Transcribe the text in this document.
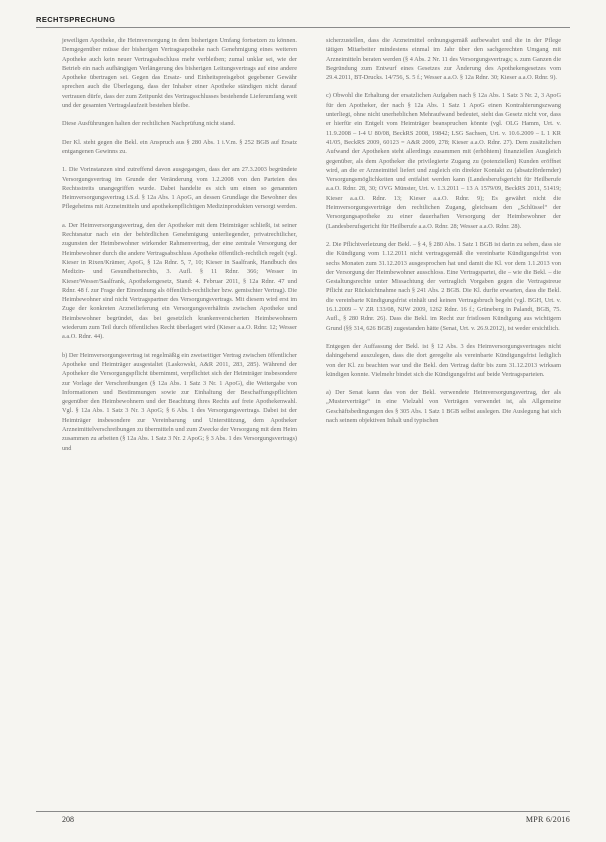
RECHTSPRECHUNG

jeweiligen Apotheke, die Heimversorgung in dem bisherigen Umfang fortsetzen zu können. Demgegenüber müsse der bisherigen Vertragsapotheke nach Genehmigung eines weiteren Apotheke auch kein neuer Vertragsabschluss mehr verbleiben; zumal unklar sei, wie der Betrieb ein nach aufhängigen Verlängerung des bisherigen Leitungsvertrags auf eine andere Apotheke übertragen sei. Gegen das Ersatz- und Einheitspreisgebot gegebener Gewähr sprechen auch die Überlegung, dass der Inhaber einer Apotheke ständigen nicht darauf vertrauen dürfe, dass der zum Zeitpunkt des Vertragsschlusses bestehende Lieferumfang weit und der gesamten Vertragslaufzeit bestehen bleibe.

Diese Ausführungen halten der rechtlichen Nachprüfung nicht stand.

Der Kl. steht gegen die Bekl. ein Anspruch aus § 280 Abs. 1 i.V.m. § 252 BGB auf Ersatz entgangenen Gewinns zu.

1. Die Vorinstanzen sind zutreffend davon ausgegangen, dass der am 27.3.2003 begründete Versorgungsvertrag im Grunde der Veränderung vom 1.2.2008 von den Parteien des Rechtsstreits unangegriffen wurde. Dabei handelte es sich um einen so genannten Heimversorgungsvertrag i.S.d. § 12a Abs. 1 ApoG, an dessen Grundlage die Bewohner des Pflegeheims mit Arzneimitteln und apothekenpflichtigen Medizinprodukten versorgt werden.

a. Der Heimversorgungsvertrag, den der Apotheker mit dem Heimträger schließt, ist seiner Rechtsnatur nach ein der behördlichen Genehmigung unterliegender, privatrechtlicher, zugunsten der Heimbewohner wirkender Rahmenvertrag, der eine zentrale Versorgung der Heimbewohner durch die andere Vertragsabschluss Apotheke öffentlich-rechtlich regelt (vgl. Kieser in Rixen/Krämer, ApoG, § 12a Rdnr. 5, 7, 10; Kieser in Saalfrank, Handbuch des Medizin- und Gesundheitsrechts, 3. Aufl. § 11 Rdnr. 366; Wesser in Kieser/Wesser/Saalfrank, Apothekengesetz, Stand: 4. Februar 2011, § 12a Rdnr. 47 und Rdnr. 48 f. zur Frage der Einordnung als öffentlich-rechtlicher bzw. gemischter Vertrag). Die Heimbewohner sind nicht Vertragspartner des Versorgungsvertrags. Mit diesem wird erst im Zuge der konkreten Arzneilieferung ein Versorgungsverhältnis zwischen Apotheke und Heimbewohner begründet, das bei gesetzlich krankenversicherten Heimbewohnern wiederum zum Teil durch öffentliches Recht überlagert wird (Kieser a.a.O. Rdnr. 12; Wesser a.a.O. Rdnr. 44).

b) Der Heimversorgungsvertrag ist regelmäßig ein zweiseitiger Vertrag zwischen öffentlicher Apotheke und Heimträger ausgestaltet (Laskowski, A&R 2011, 283, 285). Während der Apotheker die Versorgungspflicht übernimmt, verpflichtet sich der Heimträger insbesondere zur Vorlage der Verschreibungen (§ 12a Abs. 1 Satz 3 Nr. 1 ApoG), die Weitergabe von Informationen und Bestimmungen sowie zur Einhaltung der Beschaffungspflichten gegenüber den Heimbewohnern und der Beachtung ihres Rechts auf freie Apothekenwahl. Vgl. § 12a Abs. 1 Satz 3 Nr. 3 ApoG; § 6 Abs. 1 des Versorgungsvertrags. Dabei ist der Heimträger insbesondere zur Vereinbarung und Unterstützung, dem Apotheker Arzneimittelverschreibungen zu übermitteln und zum Zwecke der Versorgung mit dem Heim zusammen zu arbeiten (§ 12a Abs. 1 Satz 3 Nr. 2 ApoG; § 3 Abs. 1 des Versorgungsvertrags) und

sicherzustellen, dass die Arzneimittel ordnungsgemäß aufbewahrt und die in der Pflege tätigen Mitarbeiter mindestens einmal im Jahr über den sachgerechten Umgang mit Arzneimitteln beraten werden (§ 4 Abs. 2 Nr. 11 des Versorgungsvertrags; s. zum Ganzen die Begründung zum Entwurf eines Gesetzes zur Änderung des Apothekengesetzes vom 29.4.2011, BT-Drucks. 14/756, S. 5 f.; Wesser a.a.O. § 12a Rdnr. 30; Kieser a.a.O. Rdnr. 9).

c) Obwohl die Erhaltung der ersatzlichen Aufgaben nach § 12a Abs. 1 Satz 3 Nr. 2, 3 ApoG für den Apotheker, der nach § 12a Abs. 1 Satz 1 ApoG einen Kontrahierungszwang unterliegt, ohne nicht unerheblichen Mehraufwand bedeutet, sieht das Gesetz nicht vor, dass er hierfür ein Entgelt vom Heimträger beanspruchen könnte (vgl. OLG Hamm, Urt. v. 11.9.2008 – I-4 U 80/08, BeckRS 2008, 19842; LSG Sachsen, Urt. v. 10.6.2009 – L 1 KR 41/05, BeckRS 2009, 60123 = A&R 2009, 278; Kieser a.a.O. Rdnr. 27). Dem zusätzlichen Aufwand der Apotheken steht allerdings zusammen mit (erhöhtem) finanziellen Ausgleich gegenüber, als dem Apotheker die privilegierte Zugang zu (potenziellen) Kunden eröffnet wird, an die er Arzneimittel liefert und zugleich ein direkter Kontakt zu (absatzfördernder) Versorgungsmöglichkeiten und entfaltet werden kann (Landesberufsgericht für Heilberufe a.a.O. Rdnr. 28, 30; OVG Münster, Urt. v. 1.3.2011 – 13 A 1579/09, BeckRS 2011, 51419; Kieser a.a.O. Rdnr. 13; Kieser a.a.O. Rdnr. 9); Es gewährt nicht die Heimversorgungsverträge den rechtlichen Zugang, gleichsam den „Schlüssel“ der Versorgungsapotheke zu einer dauerhaften Versorgung der Heimbewohner der (Landesberufsgericht für Heilberufe a.a.O. Rdnr. 28; Wesser a.a.O. Rdnr. 28).

2. Die Pflichtverletzung der Bekl. – § 4, § 280 Abs. 1 Satz 1 BGB ist darin zu sehen, dass sie die Kündigung vom 1.12.2011 nicht vertragsgemäß die vereinbarte Kündigungsfrist von sechs Monaten zum 31.12.2013 ausgesprochen hat und damit die Kl. vor dem 1.1.2013 von der Versorgung der Heimbewohner ausschloss. Eine Vertragspartei, die – wie die Bekl. – die Gestaltungsrechte unter Missachtung der vertraglich Vorgaben gegen die Vertragstreue Pflicht zur Rücksichtnahme nach § 241 Abs. 2 BGB. Die Kl. durfte erwarten, dass die Bekl. die vereinbarte Kündigungsfrist einhält und keinen Vertragsbruch begeht (vgl. BGH, Urt. v. 16.1.2009 – V ZR 133/08, NJW 2009, 1262 Rdnr. 16 f.; Grüneberg in Palandt, BGB, 75. Aufl., § 280 Rdnr. 26). Dass die Bekl. im Recht zur fristlosen Kündigung aus wichtigem Grund (§§ 314, 626 BGB) zugestanden hätte (Senat, Urt. v. 26.9.2012), ist weder ersichtlich.

Entgegen der Auffassung der Bekl. ist § 12 Abs. 3 des Heimversorgungsvertrages nicht dahingehend auszulegen, dass die dort geregelte als vereinbarte Kündigungsfrist lediglich von der Kl. zu beachten war und die Bekl. den Vertrag dafür bis zum 31.12.2013 wirksam kündigen konnte. Vielmehr bindet sich die Kündigungsfrist auf beide Vertragsparteien.

a) Der Senat kann das von der Bekl. verwendete Heimversorgungsvertrag, der als „Musterverträge“ in eine Vielzahl von Verträgen verwendet ist, als Allgemeine Geschäftsbedingungen des § 305 Abs. 1 Satz 1 BGB selbst auslegen. Die Auslegung hat sich nach seinem objektiven Inhalt und typischen

208	MPR 6/2016
